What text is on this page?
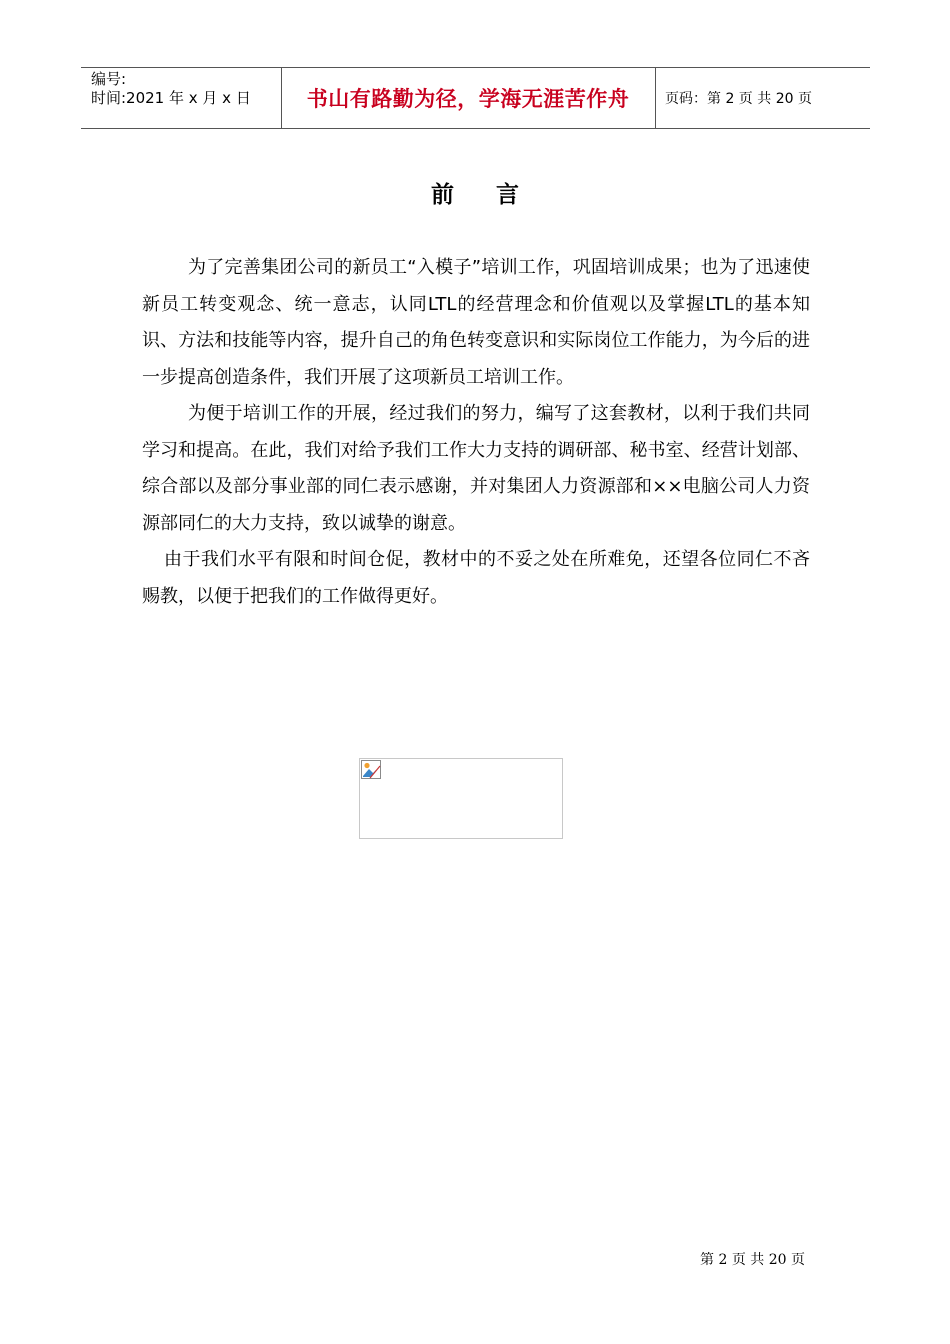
编号:
时间:2021 年 x 月 x 日	书山有路勤为径，学海无涯苦作舟	页码：第 2 页 共 20 页
前言

为了完善集团公司的新员工“入模子”培训工作，巩固培训成果；也为了迅速使新员工转变观念、统一意志，认同LTL的经营理念和价值观以及掌握LTL的基本知识、方法和技能等内容，提升自己的角色转变意识和实际岗位工作能力，为今后的进一步提高创造条件，我们开展了这项新员工培训工作。

为便于培训工作的开展，经过我们的努力，编写了这套教材，以利于我们共同学习和提高。在此，我们对给予我们工作大力支持的调研部、秘书室、经营计划部、综合部以及部分事业部的同仁表示感谢，并对集团人力资源部和××电脑公司人力资源部同仁的大力支持，致以诚挚的谢意。

由于我们水平有限和时间仓促，教材中的不妥之处在所难免，还望各位同仁不吝赐教，以便于把我们的工作做得更好。

第 2 页 共 20 页
